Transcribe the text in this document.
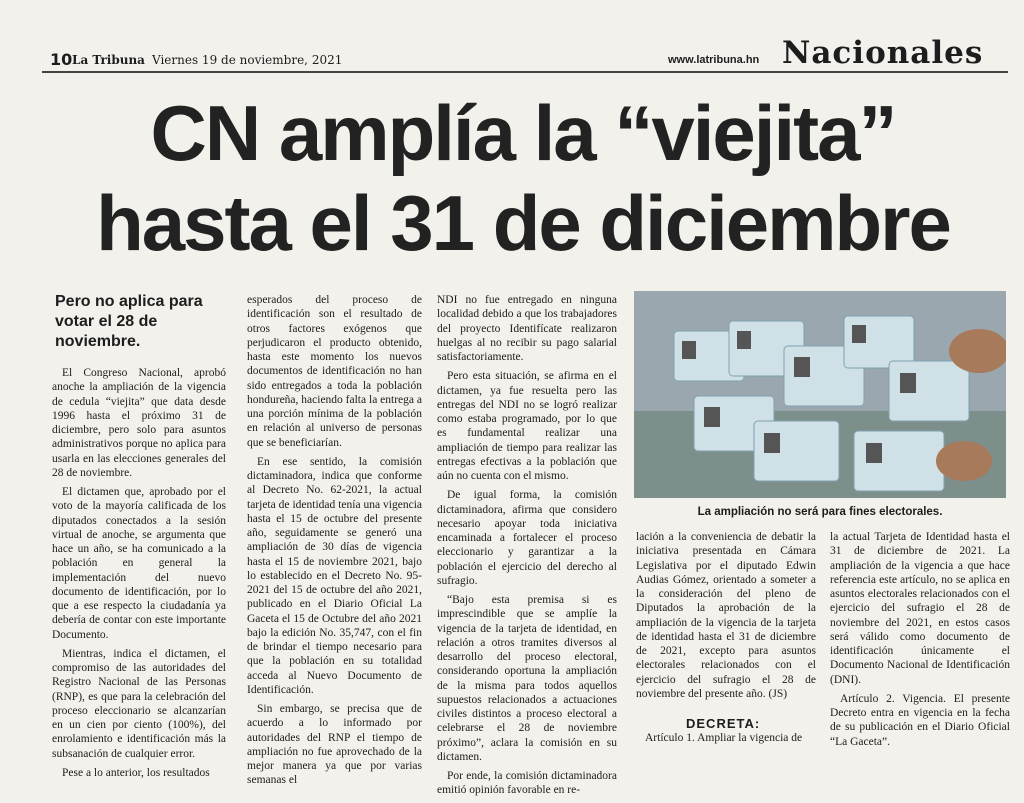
10 La Tribuna Viernes 19 de noviembre, 2021	www.latribuna.hn Nacionales
CN amplía la “viejita”
hasta el 31 de diciembre
Pero no aplica para votar el 28 de noviembre.

El Congreso Nacional, aprobó anoche la ampliación de la vigencia de cedula “viejita” que data desde 1996 hasta el próximo 31 de diciembre, pero solo para asuntos administrativos porque no aplica para usarla en las elecciones generales del 28 de noviembre.

El dictamen que, aprobado por el voto de la mayoría calificada de los diputados conectados a la sesión virtual de anoche, se argumenta que hace un año, se ha comunicado a la población en general la implementación del nuevo documento de identificación, por lo que a ese respecto la ciudadanía ya debería de contar con este importante Documento.

Mientras, indica el dictamen, el compromiso de las autoridades del Registro Nacional de las Personas (RNP), es que para la celebración del proceso eleccionario se alcanzarían en un cien por ciento (100%), del enrolamiento e identificación más la subsanación de cualquier error.

Pese a lo anterior, los resultados

esperados del proceso de identificación son el resultado de otros factores exógenos que perjudicaron el producto obtenido, hasta este momento los nuevos documentos de identificación no han sido entregados a toda la población hondureña, haciendo falta la entrega a una porción mínima de la población en relación al universo de personas que se beneficiarían.

En ese sentido, la comisión dictaminadora, indica que conforme al Decreto No. 62-2021, la actual tarjeta de identidad tenía una vigencia hasta el 15 de octubre del presente año, seguidamente se generó una ampliación de 30 días de vigencia hasta el 15 de noviembre 2021, bajo lo establecido en el Decreto No. 95-2021 del 15 de octubre del año 2021, publicado en el Diario Oficial La Gaceta el 15 de Octubre del año 2021 bajo la edición No. 35,747, con el fin de brindar el tiempo necesario para que la población en su totalidad acceda al Nuevo Documento de Identificación.

Sin embargo, se precisa que de acuerdo a lo informado por autoridades del RNP el tiempo de ampliación no fue aprovechado de la mejor manera ya que por varias semanas el

NDI no fue entregado en ninguna localidad debido a que los trabajadores del proyecto Identifícate realizaron huelgas al no recibir su pago salarial satisfactoriamente.

Pero esta situación, se afirma en el dictamen, ya fue resuelta pero las entregas del NDI no se logró realizar como estaba programado, por lo que es fundamental realizar una ampliación de tiempo para realizar las entregas efectivas a la población que aún no cuenta con el mismo.

De igual forma, la comisión dictaminadora, afirma que considero necesario apoyar toda iniciativa encaminada a fortalecer el proceso eleccionario y garantizar a la población el ejercicio del derecho al sufragio.

“Bajo esta premisa si es imprescindible que se amplíe la vigencia de la tarjeta de identidad, en relación a otros tramites diversos al desarrollo del proceso electoral, considerando oportuna la ampliación de la misma para todos aquellos supuestos relacionados a actuaciones civiles distintos a proceso electoral a celebrarse el 28 de noviembre próximo”, aclara la comisión en su dictamen.

Por ende, la comisión dictaminadora emitió opinión favorable en re-

La ampliación no será para fines electorales.

lación a la conveniencia de debatir la iniciativa presentada en Cámara Legislativa por el diputado Edwin Audias Gómez, orientado a someter a la consideración del pleno de Diputados la aprobación de la ampliación de la vigencia de la tarjeta de identidad hasta el 31 de diciembre de 2021, excepto para asuntos electorales relacionados con el ejercicio del sufragio el 28 de noviembre del presente año. (JS)

la actual Tarjeta de Identidad hasta el 31 de diciembre de 2021. La ampliación de la vigencia a que hace referencia este artículo, no se aplica en asuntos electorales relacionados con el ejercicio del sufragio el 28 de noviembre del 2021, en estos casos será válido como documento de identificación únicamente el Documento Nacional de Identificación (DNI).

Artículo 2. Vigencia. El presente Decreto entra en vigencia en la fecha de su publicación en el Diario Oficial “La Gaceta”.

DECRETA:
Artículo 1. Ampliar la vigencia de
